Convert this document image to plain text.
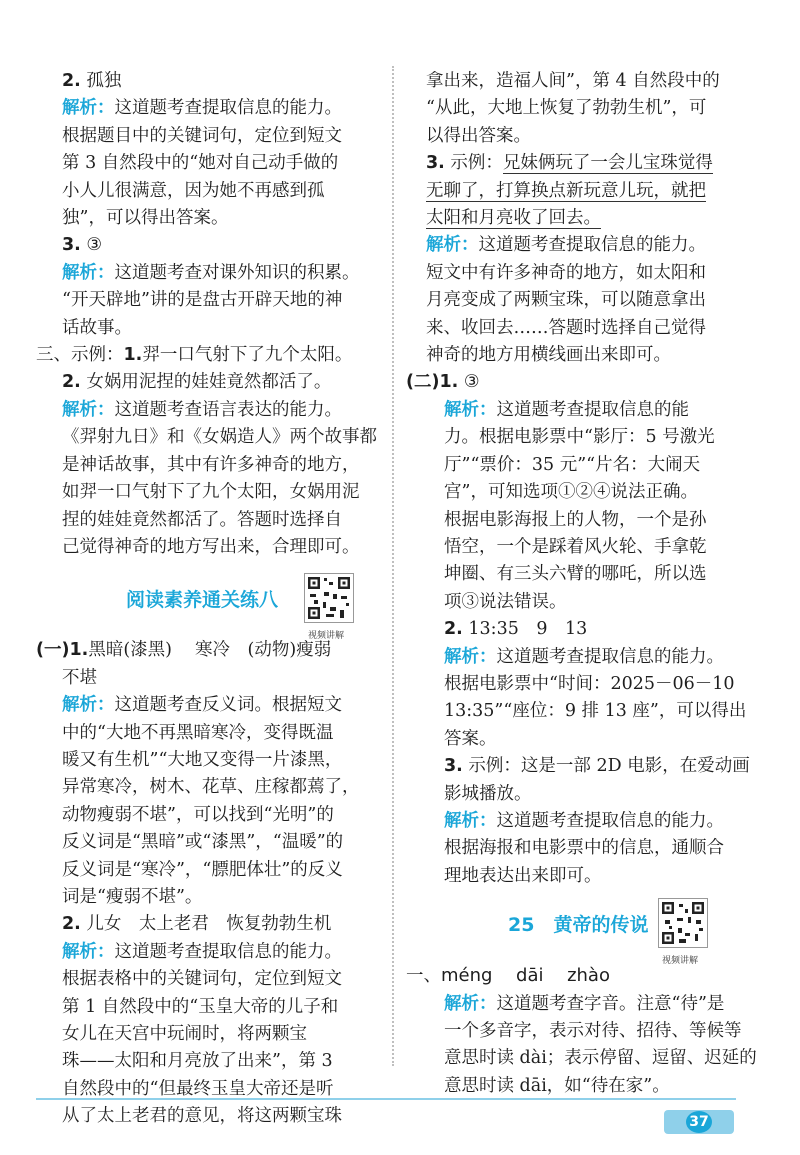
2. 孤独

解析：这道题考查提取信息的能力。

根据题目中的关键词句，定位到短文

第 3 自然段中的“她对自己动手做的

小人儿很满意，因为她不再感到孤

独”，可以得出答案。

3. ③

解析：这道题考查对课外知识的积累。

“开天辟地”讲的是盘古开辟天地的神

话故事。

三、示例：1.羿一口气射下了九个太阳。

2. 女娲用泥捏的娃娃竟然都活了。

解析：这道题考查语言表达的能力。

《羿射九日》和《女娲造人》两个故事都

是神话故事，其中有许多神奇的地方，

如羿一口气射下了九个太阳，女娲用泥

捏的娃娃竟然都活了。答题时选择自

己觉得神奇的地方写出来，合理即可。

阅读素养通关练八
视频讲解

(一)1.黑暗(漆黑)　 寒冷　(动物)瘦弱

不堪

解析：这道题考查反义词。根据短文

中的“大地不再黑暗寒冷，变得既温

暖又有生机”“大地又变得一片漆黑，

异常寒冷，树木、花草、庄稼都蔫了，

动物瘦弱不堪”，可以找到“光明”的

反义词是“黑暗”或“漆黑”，“温暖”的

反义词是“寒冷”，“膘肥体壮”的反义

词是“瘦弱不堪”。

2. 儿女　太上老君　恢复勃勃生机

解析：这道题考查提取信息的能力。

根据表格中的关键词句，定位到短文

第 1 自然段中的“玉皇大帝的儿子和

女儿在天宫中玩闹时，将两颗宝

珠——太阳和月亮放了出来”，第 3

自然段中的“但最终玉皇大帝还是听

从了太上老君的意见，将这两颗宝珠

拿出来，造福人间”，第 4 自然段中的

“从此，大地上恢复了勃勃生机”，可

以得出答案。

3. 示例：兄妹俩玩了一会儿宝珠觉得

无聊了，打算换点新玩意儿玩，就把

太阳和月亮收了回去。

解析：这道题考查提取信息的能力。

短文中有许多神奇的地方，如太阳和

月亮变成了两颗宝珠，可以随意拿出

来、收回去……答题时选择自己觉得

神奇的地方用横线画出来即可。

(二)1. ③

解析：这道题考查提取信息的能

力。根据电影票中“影厅：5 号激光

厅”“票价：35 元”“片名：大闹天

宫”，可知选项①②④说法正确。

根据电影海报上的人物，一个是孙

悟空，一个是踩着风火轮、手拿乾

坤圈、有三头六臂的哪吒，所以选

项③说法错误。

2. 13:35　9　13

解析：这道题考查提取信息的能力。

根据电影票中“时间：2025－06－10

13:35”“座位：9 排 13 座”，可以得出

答案。

3. 示例：这是一部 2D 电影，在爱动画

影城播放。

解析：这道题考查提取信息的能力。

根据海报和电影票中的信息，通顺合

理地表达出来即可。

25　黄帝的传说
视频讲解

一、méng dāi zhào

解析：这道题考查字音。注意“待”是

一个多音字，表示对待、招待、等候等

意思时读 dài；表示停留、逗留、迟延的

意思时读 dāi，如“待在家”。

37
